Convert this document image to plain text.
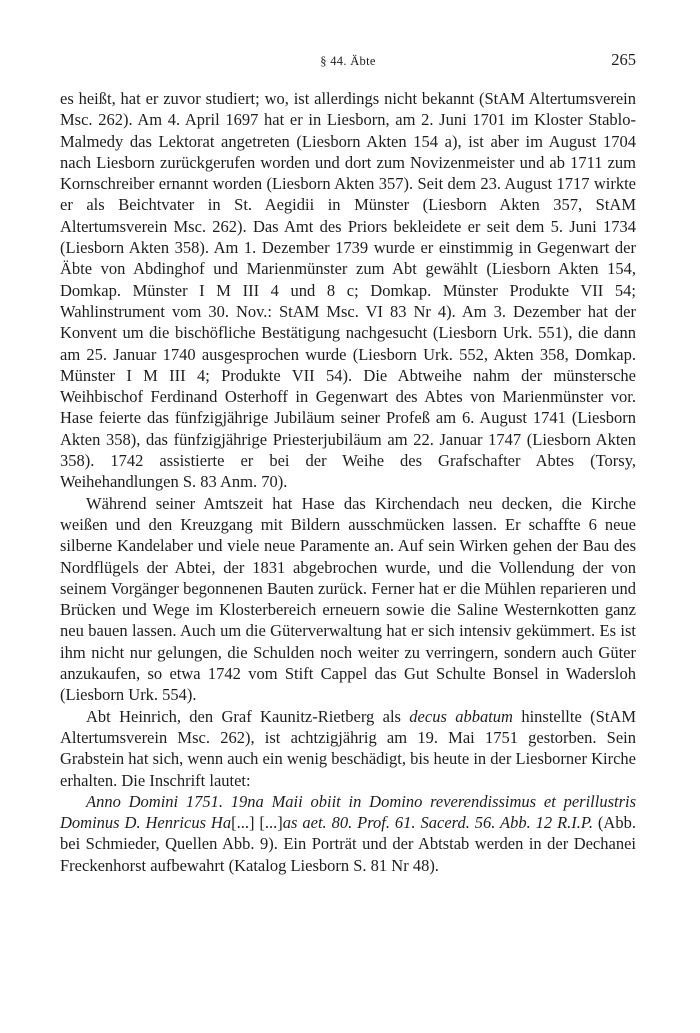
§ 44. Äbte	265

es heißt, hat er zuvor studiert; wo, ist allerdings nicht bekannt (StAM Altertumsverein Msc. 262). Am 4. April 1697 hat er in Liesborn, am 2. Juni 1701 im Kloster Stablo-Malmedy das Lektorat angetreten (Liesborn Akten 154 a), ist aber im August 1704 nach Liesborn zurückgerufen worden und dort zum Novizenmeister und ab 1711 zum Kornschreiber ernannt worden (Liesborn Akten 357). Seit dem 23. August 1717 wirkte er als Beichtvater in St. Aegidii in Münster (Liesborn Akten 357, StAM Altertumsverein Msc. 262). Das Amt des Priors bekleidete er seit dem 5. Juni 1734 (Liesborn Akten 358). Am 1. Dezember 1739 wurde er einstimmig in Gegenwart der Äbte von Abdinghof und Marienmünster zum Abt gewählt (Liesborn Akten 154, Domkap. Münster I M III 4 und 8 c; Domkap. Münster Produkte VII 54; Wahlinstrument vom 30. Nov.: StAM Msc. VI 83 Nr 4). Am 3. Dezember hat der Konvent um die bischöfliche Bestätigung nachgesucht (Liesborn Urk. 551), die dann am 25. Januar 1740 ausgesprochen wurde (Liesborn Urk. 552, Akten 358, Domkap. Münster I M III 4; Produkte VII 54). Die Abtweihe nahm der münstersche Weihbischof Ferdinand Osterhoff in Gegenwart des Abtes von Marienmünster vor. Hase feierte das fünfzigjährige Jubiläum seiner Profeß am 6. August 1741 (Liesborn Akten 358), das fünfzigjährige Priesterjubiläum am 22. Januar 1747 (Liesborn Akten 358). 1742 assistierte er bei der Weihe des Grafschafter Abtes (Torsy, Weihehandlungen S. 83 Anm. 70).

Während seiner Amtszeit hat Hase das Kirchendach neu decken, die Kirche weißen und den Kreuzgang mit Bildern ausschmücken lassen. Er schaffte 6 neue silberne Kandelaber und viele neue Paramente an. Auf sein Wirken gehen der Bau des Nordflügels der Abtei, der 1831 abgebrochen wurde, und die Vollendung der von seinem Vorgänger begonnenen Bauten zurück. Ferner hat er die Mühlen reparieren und Brücken und Wege im Klosterbereich erneuern sowie die Saline Westernkotten ganz neu bauen lassen. Auch um die Güterverwaltung hat er sich intensiv gekümmert. Es ist ihm nicht nur gelungen, die Schulden noch weiter zu verringern, sondern auch Güter anzukaufen, so etwa 1742 vom Stift Cappel das Gut Schulte Bonsel in Wadersloh (Liesborn Urk. 554).

Abt Heinrich, den Graf Kaunitz-Rietberg als decus abbatum hinstellte (StAM Altertumsverein Msc. 262), ist achtzigjährig am 19. Mai 1751 gestorben. Sein Grabstein hat sich, wenn auch ein wenig beschädigt, bis heute in der Liesborner Kirche erhalten. Die Inschrift lautet:

Anno Domini 1751. 19na Maii obiit in Domino reverendissimus et perillustris Dominus D. Henricus Ha[...] [...]as aet. 80. Prof. 61. Sacerd. 56. Abb. 12 R.I.P. (Abb. bei Schmieder, Quellen Abb. 9). Ein Porträt und der Abtstab werden in der Dechanei Freckenhorst aufbewahrt (Katalog Liesborn S. 81 Nr 48).
